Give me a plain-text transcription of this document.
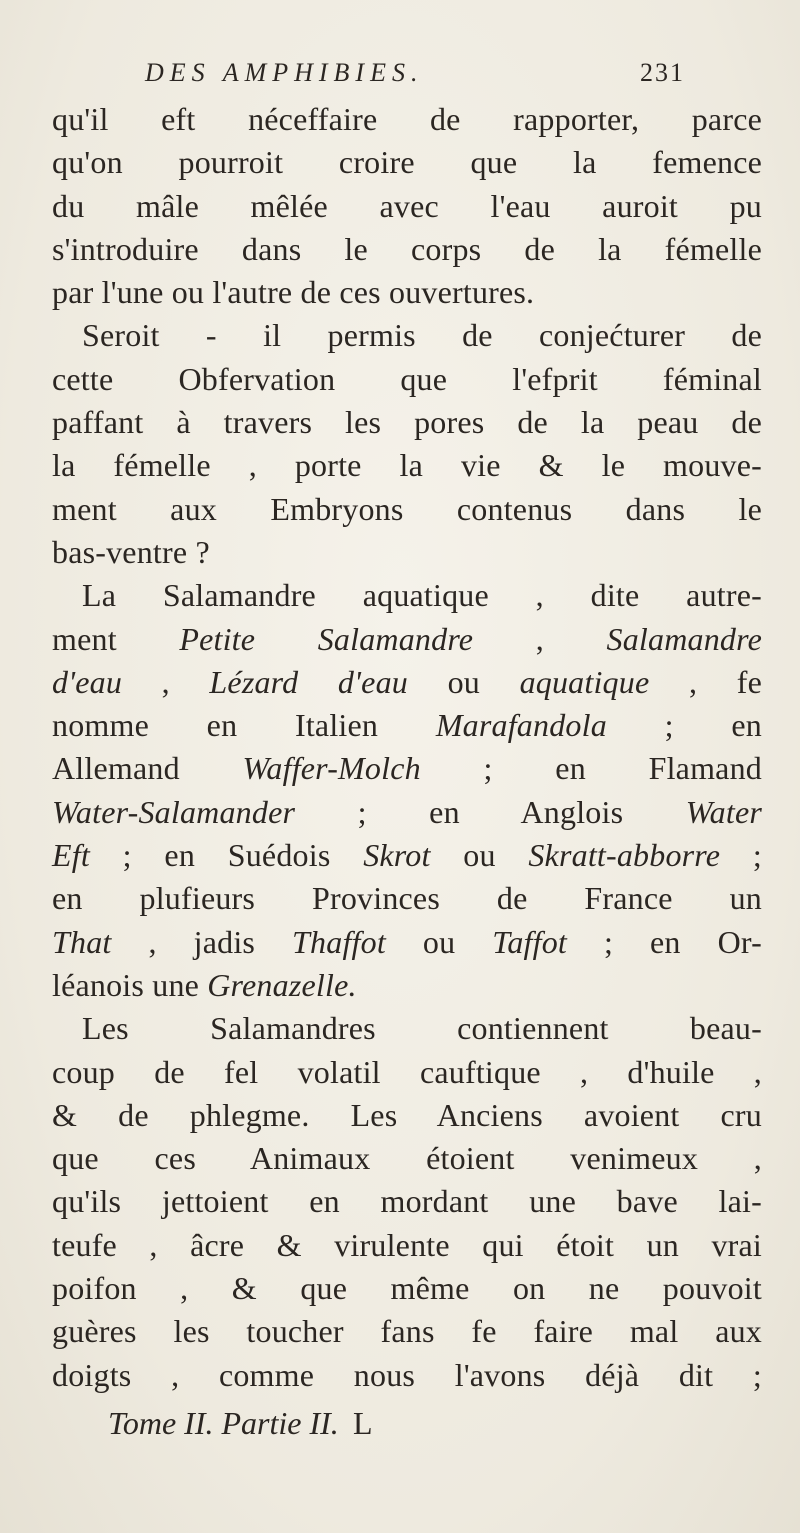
DES AMPHIBIES.	231
qu'il eft néceffaire de rapporter, parce
qu'on pourroit croire que la femence
du mâle mêlée avec l'eau auroit pu
s'introduire dans le corps de la fémelle
par l'une ou l'autre de ces ouvertures.
Seroit - il permis de conjećturer de
cette Obfervation que l'efprit féminal
paffant à travers les pores de la peau de
la fémelle , porte la vie & le mouve-
ment aux Embryons contenus dans le
bas-ventre ?
La Salamandre aquatique , dite autre-
ment Petite Salamandre , Salamandre
d'eau , Lézard d'eau ou aquatique , fe
nomme en Italien Marafandola ; en
Allemand Waffer-Molch ; en Flamand
Water-Salamander ; en Anglois Water
Eft ; en Suédois Skrot ou Skratt-abborre ;
en plufieurs Provinces de France un
That , jadis Thaffot ou Taffot ; en Or-
léanois une Grenazelle.
Les Salamandres contiennent beau-
coup de fel volatil cauftique , d'huile ,
& de phlegme. Les Anciens avoient cru
que ces Animaux étoient venimeux ,
qu'ils jettoient en mordant une bave lai-
teufe , âcre & virulente qui étoit un vrai
poifon , & que même on ne pouvoit
guères les toucher fans fe faire mal aux
doigts , comme nous l'avons déjà dit ;
Tome II. Partie II. L
